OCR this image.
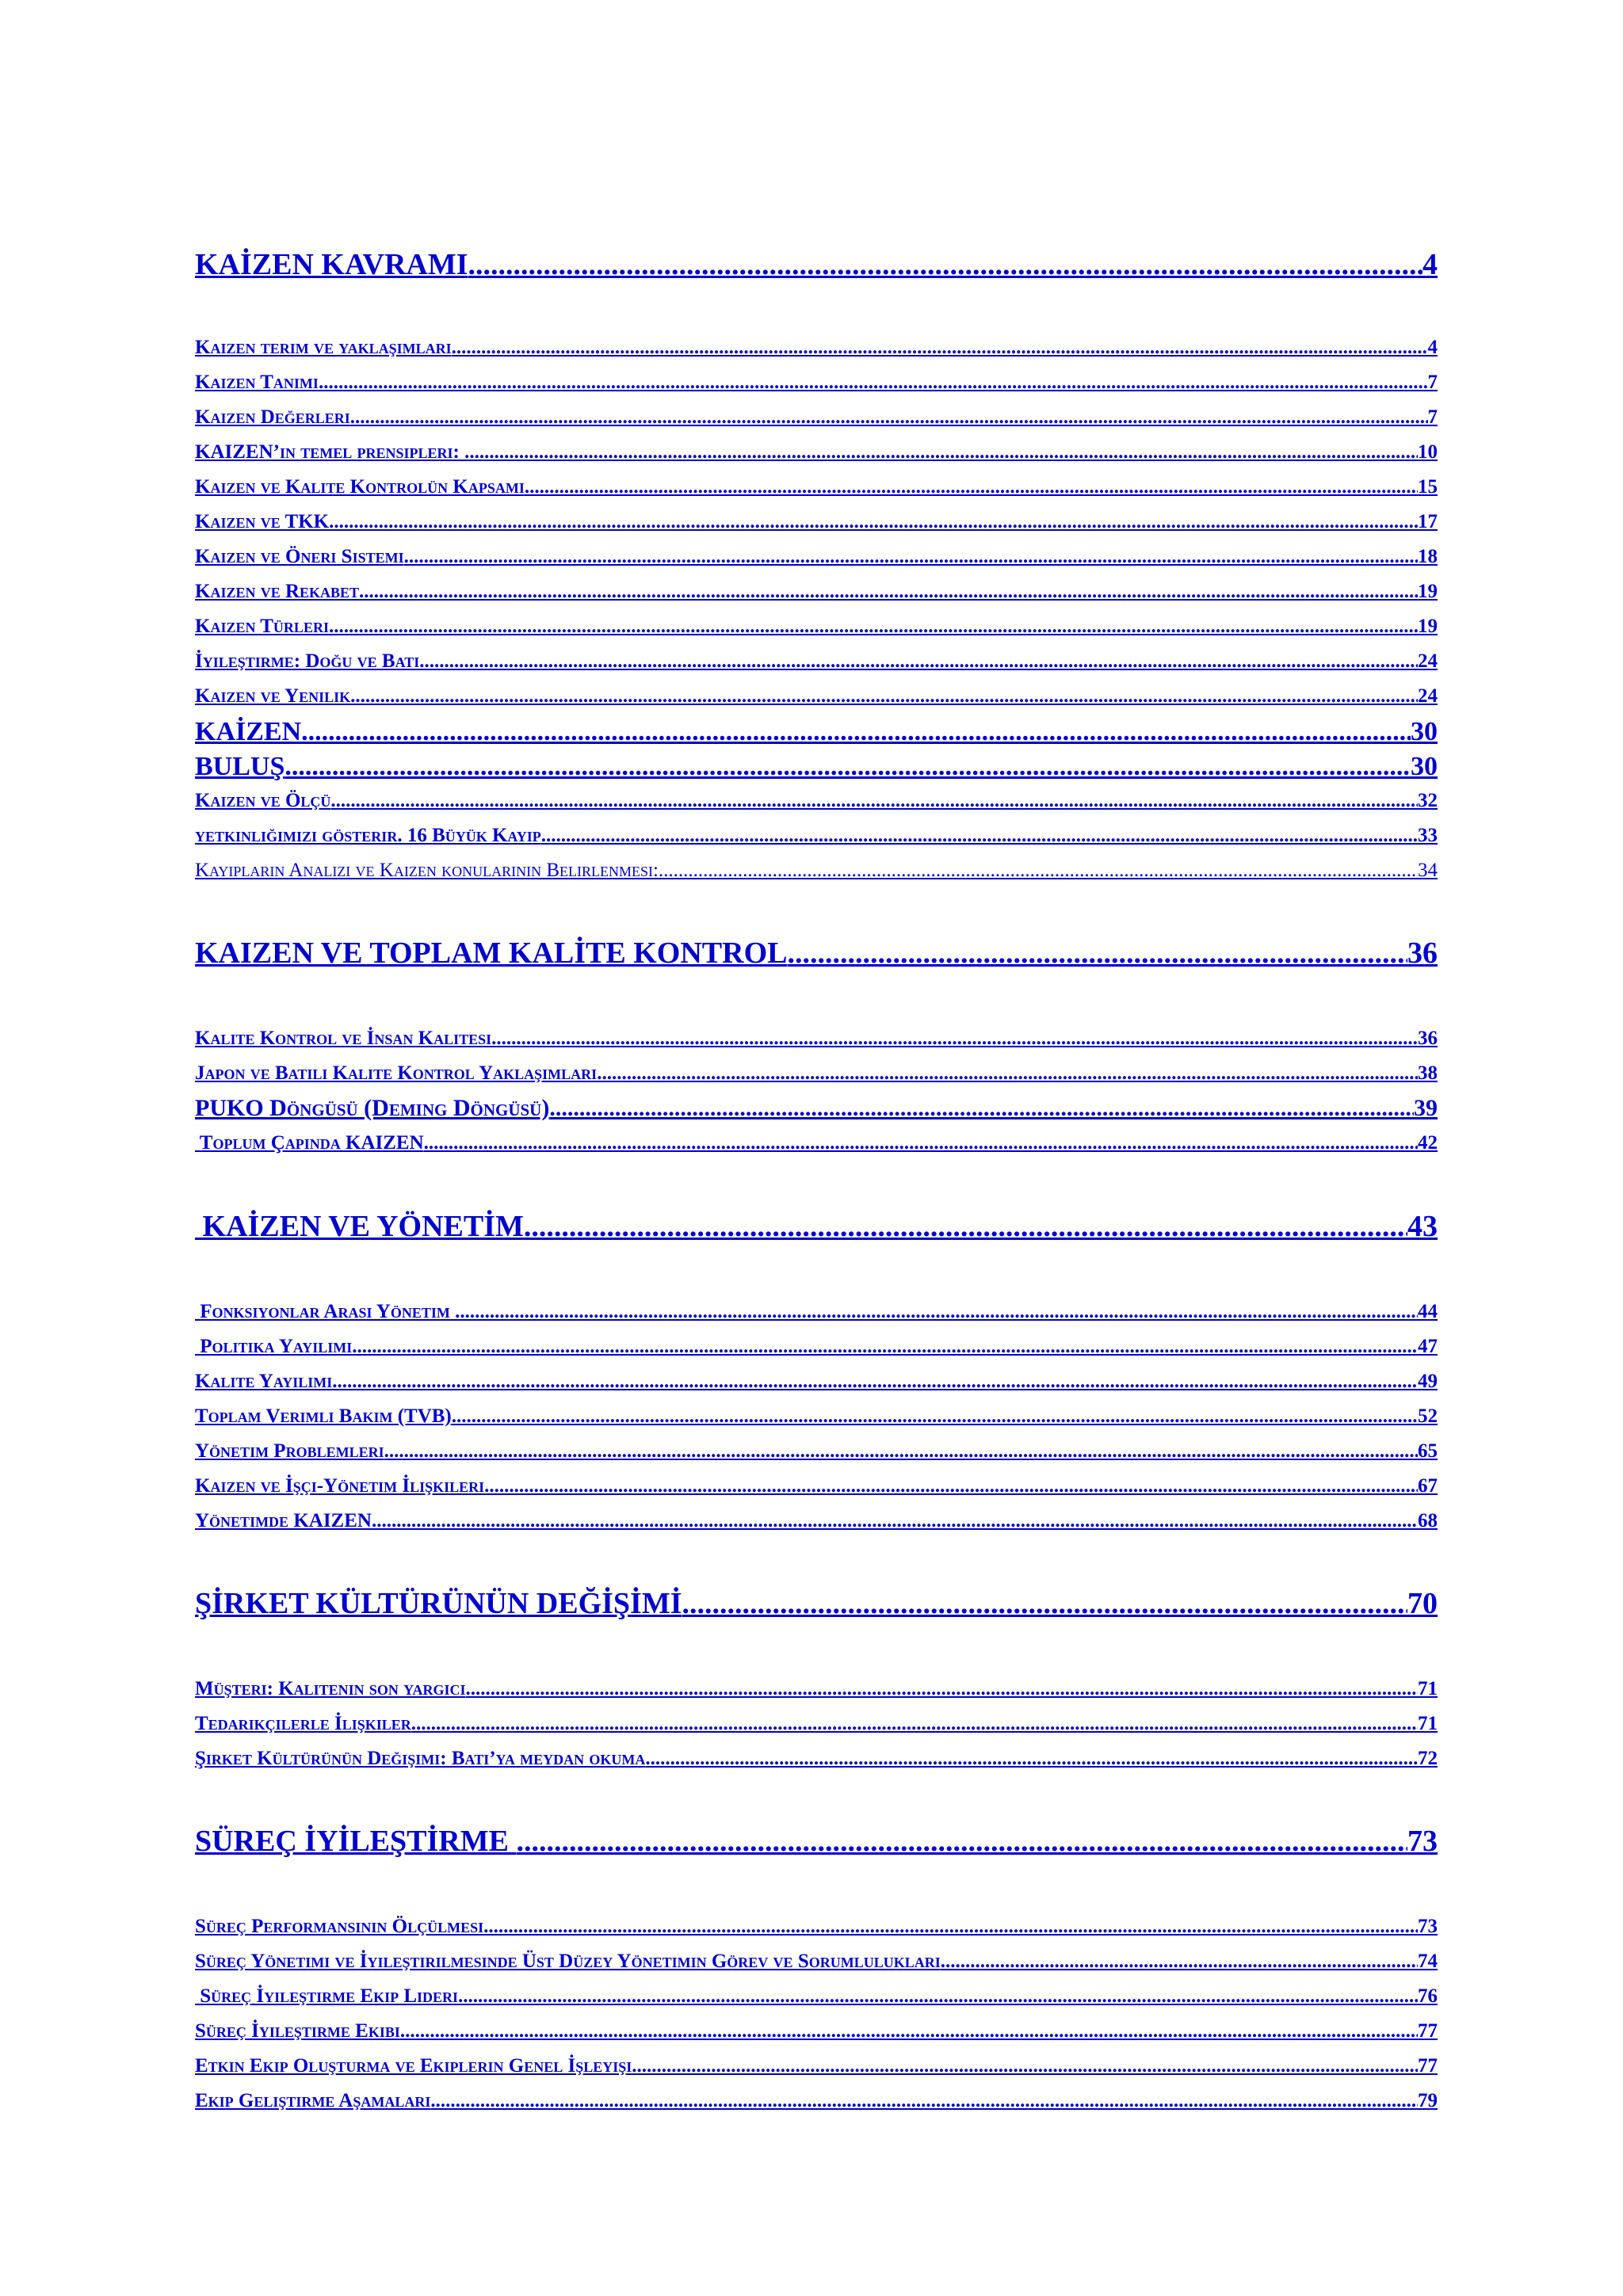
KAİZEN KAVRAMI .....	4
Kaizen terim ve yaklaşımları .....	4
Kaizen Tanımı .....	7
Kaizen Değerleri .....	7
KAIZEN’in temel prensipleri: .....	10
Kaizen ve Kalite Kontrolün Kapsamı .....	15
Kaizen ve TKK .....	17
Kaizen ve Öneri Sistemi .....	18
Kaizen ve Rekabet .....	19
Kaizen Türleri .....	19
İyileştirme: Doğu ve Batı .....	24
Kaizen ve Yenilik .....	24
KAİZEN .....	30
BULUŞ .....	30
Kaizen ve Ölçü .....	32
yetkinliğimizi gösterir. 16 Büyük Kayıp .....	33
Kayıpların Analizi ve Kaizen konularının Belirlenmesi: .....	34
KAIZEN VE TOPLAM KALİTE KONTROL .....	36
Kalite Kontrol ve İnsan Kalitesi .....	36
Japon ve Batılı Kalite Kontrol Yaklaşımları .....	38
PUKO Döngüsü (Deming Döngüsü) .....	39
Toplum Çapında KAIZEN .....	42
KAİZEN VE YÖNETİM .....	43
Fonksiyonlar Arası Yönetim .....	44
Politika Yayılımı .....	47
Kalite Yayılımı .....	49
Toplam Verimli Bakım (TVB) .....	52
Yönetim Problemleri .....	65
Kaizen ve İşçi-Yönetim İlişkileri .....	67
Yönetimde KAIZEN .....	68
ŞİRKET KÜLTÜRÜNÜN DEĞİŞİMİ .....	70
Müşteri: Kalitenin son yargıcı .....	71
Tedarikçilerle İlişkiler .....	71
Şirket Kültürünün Değişimi: Batı’ya meydan okuma .....	72
SÜREÇ İYİLEŞTİRME .....	73
Süreç Performansının Ölçülmesi .....	73
Süreç Yönetimi ve İyileştirilmesinde Üst Düzey Yönetimin Görev ve Sorumlulukları .....	74
Süreç İyileştirme Ekip Lideri .....	76
Süreç İyileştirme Ekibi .....	77
Etkin Ekip Oluşturma ve Ekiplerin Genel İşleyişi .....	77
Ekip Geliştirme Aşamaları .....	79
